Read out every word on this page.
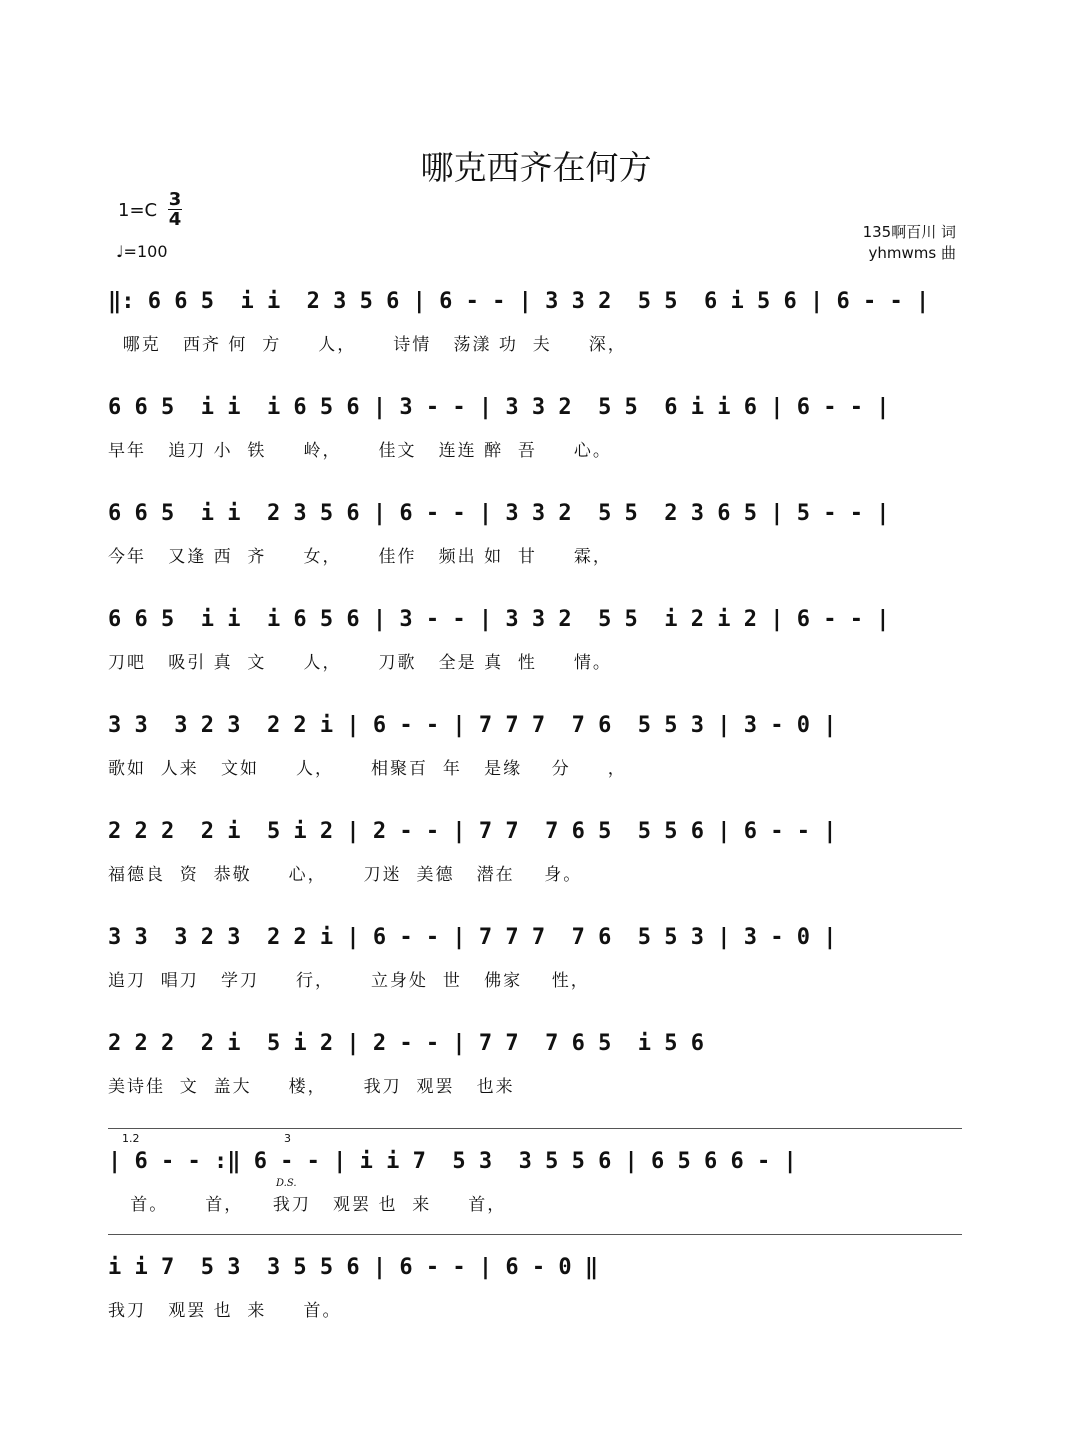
哪克西齐在何方
1=C
3
4
♩=100
135啊百川 词
yhmwms 曲
‖: 6 6 5  i i  2 3 5 6 | 6 - - | 3 3 2  5 5  6 i 5 6 | 6 - - |
哪克   西齐 何  方     人，     诗情   荡漾 功  夫     深，
6 6 5  i i  i 6 5 6 | 3 - - | 3 3 2  5 5  6 i i 6 | 6 - - |
早年   追刀 小  铁     岭，     佳文   连连 醉  吾     心。
6 6 5  i i  2 3 5 6 | 6 - - | 3 3 2  5 5  2 3 6 5 | 5 - - |
今年   又逢 西  齐     女，     佳作   频出 如  甘     霖，
6 6 5  i i  i 6 5 6 | 3 - - | 3 3 2  5 5  i 2 i 2 | 6 - - |
刀吧   吸引 真  文     人，     刀歌   全是 真  性     情。
3 3  3 2 3  2 2 i | 6 - - | 7 7 7  7 6  5 5 3 | 3 - 0 |
歌如  人来   文如     人，     相聚百  年   是缘    分     ，
2 2 2  2 i  5 i 2 | 2 - - | 7 7  7 6 5  5 5 6 | 6 - - |
福德良  资  恭敬     心，     刀迷  美德   潜在    身。
3 3  3 2 3  2 2 i | 6 - - | 7 7 7  7 6  5 5 3 | 3 - 0 |
追刀  唱刀   学刀     行，     立身处  世   佛家    性，
2 2 2  2 i  5 i 2 | 2 - - | 7 7  7 6 5  i 5 6
美诗佳  文  盖大     楼，     我刀  观罢   也来
1.2	3
| 6 - - :‖ 6 - - | i i 7  5 3  3 5 5 6 | 6 5 6 6 - |
D.S.
首。     首，    我刀   观罢 也  来     首，
i i 7  5 3  3 5 5 6 | 6 - - | 6 - 0 ‖
我刀   观罢 也  来     首。
